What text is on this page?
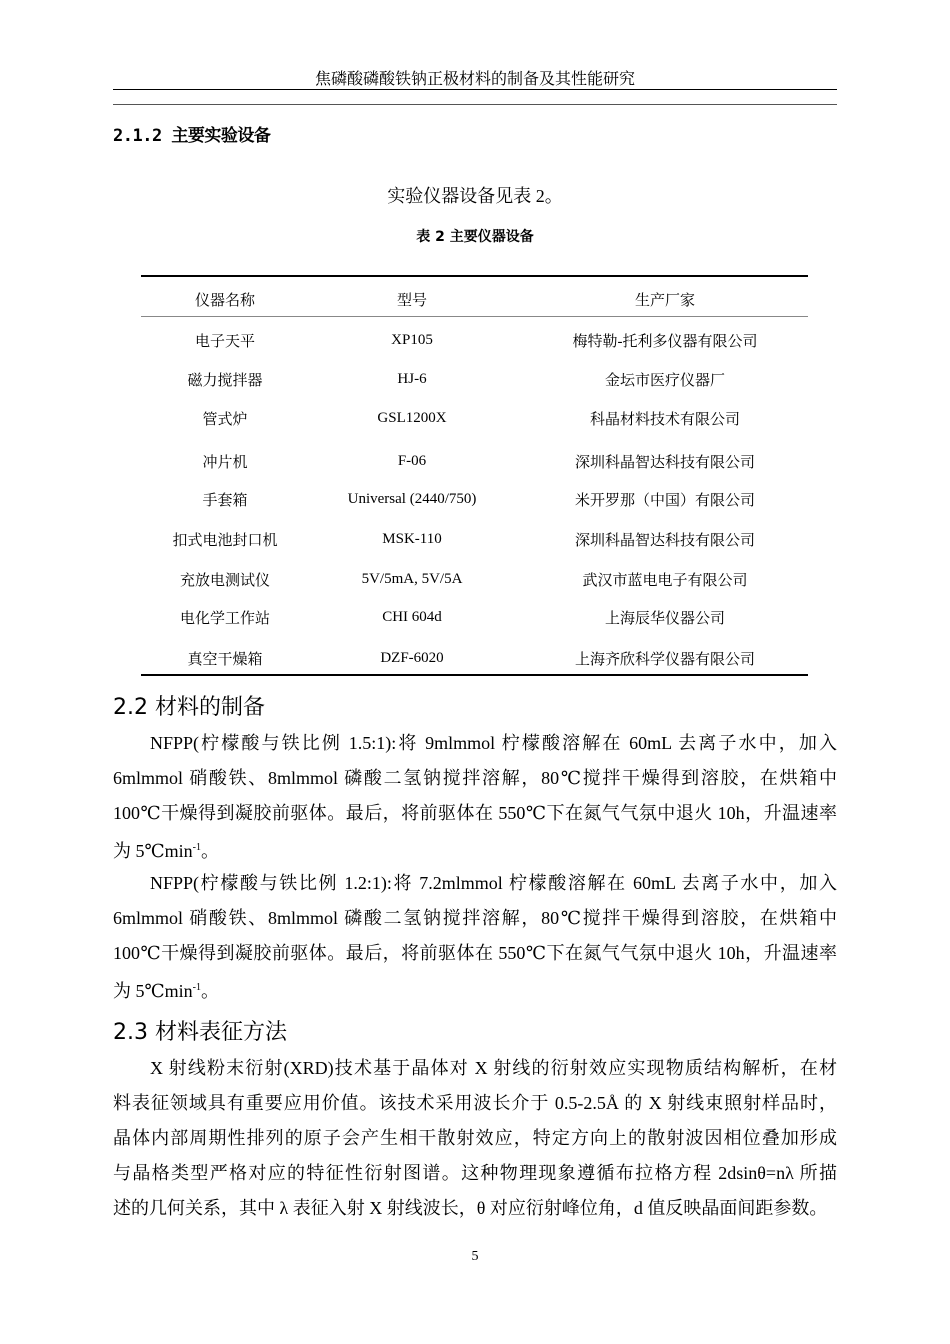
焦磷酸磷酸铁钠正极材料的制备及其性能研究
2.1.2 主要实验设备
实验仪器设备见表 2。
表 2 主要仪器设备
仪器名称	型号	生产厂家
电子天平	XP105	梅特勒-托利多仪器有限公司
磁力搅拌器	HJ-6	金坛市医疗仪器厂
管式炉	GSL1200X	科晶材料技术有限公司
冲片机	F-06	深圳科晶智达科技有限公司
手套箱	Universal (2440/750)	米开罗那（中国）有限公司
扣式电池封口机	MSK-110	深圳科晶智达科技有限公司
充放电测试仪	5V/5mA, 5V/5A	武汉市蓝电电子有限公司
电化学工作站	CHI 604d	上海辰华仪器公司
真空干燥箱	DZF-6020	上海齐欣科学仪器有限公司
2.2 材料的制备
NFPP(柠檬酸与铁比例 1.5:1):将 9mlmmol 柠檬酸溶解在 60mL 去离子水中，加入
6mlmmol 硝酸铁、8mlmmol 磷酸二氢钠搅拌溶解，80℃搅拌干燥得到溶胶，在烘箱中
100℃干燥得到凝胶前驱体。最后，将前驱体在 550℃下在氮气气氛中退火 10h，升温速率
为 $5℃\min^{-1}$。
NFPP(柠檬酸与铁比例 1.2:1):将 7.2mlmmol 柠檬酸溶解在 60mL 去离子水中，加入
6mlmmol 硝酸铁、8mlmmol 磷酸二氢钠搅拌溶解，80℃搅拌干燥得到溶胶，在烘箱中
100℃干燥得到凝胶前驱体。最后，将前驱体在 550℃下在氮气气氛中退火 10h，升温速率
为 $5℃\min^{-1}$。
2.3 材料表征方法
X 射线粉末衍射(XRD)技术基于晶体对 X 射线的衍射效应实现物质结构解析，在材
料表征领域具有重要应用价值。该技术采用波长介于 0.5-2.5Å 的 X 射线束照射样品时，
晶体内部周期性排列的原子会产生相干散射效应，特定方向上的散射波因相位叠加形成
与晶格类型严格对应的特征性衍射图谱。这种物理现象遵循布拉格方程 2dsinθ=nλ 所描
述的几何关系，其中 λ 表征入射 X 射线波长，θ 对应衍射峰位角，d 值反映晶面间距参数。
5
